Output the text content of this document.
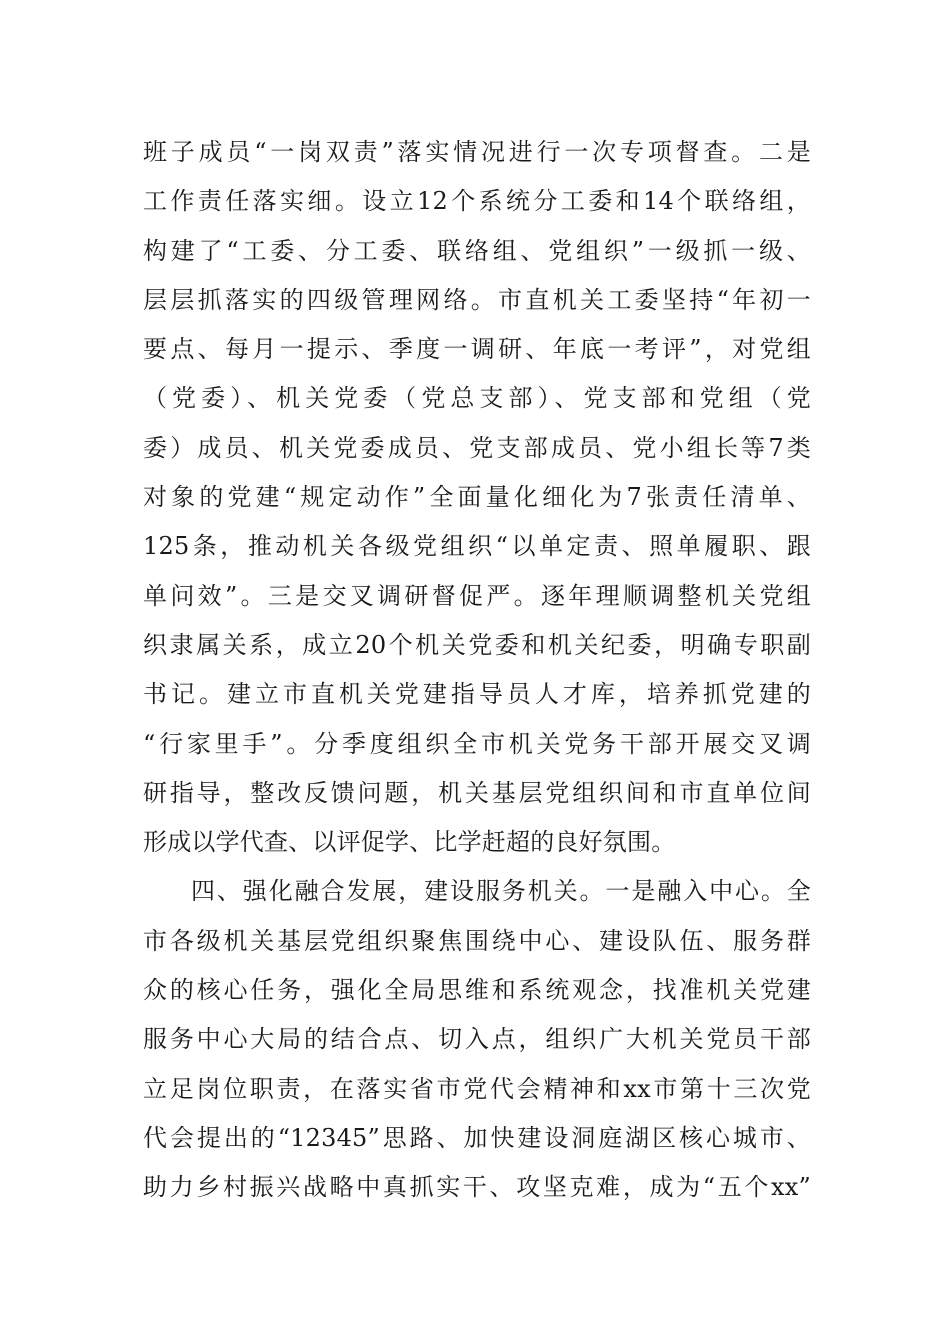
班子成员“一岗双责”落实情况进行一次专项督查。二是
工作责任落实细。设立12个系统分工委和14个联络组，
构建了“工委、分工委、联络组、党组织”一级抓一级、
层层抓落实的四级管理网络。市直机关工委坚持“年初一
要点、每月一提示、季度一调研、年底一考评”，对党组
（党委）、机关党委（党总支部）、党支部和党组（党
委）成员、机关党委成员、党支部成员、党小组长等7类
对象的党建“规定动作”全面量化细化为7张责任清单、
125条，推动机关各级党组织“以单定责、照单履职、跟
单问效”。三是交叉调研督促严。逐年理顺调整机关党组
织隶属关系，成立20个机关党委和机关纪委，明确专职副
书记。建立市直机关党建指导员人才库，培养抓党建的
“行家里手”。分季度组织全市机关党务干部开展交叉调
研指导，整改反馈问题，机关基层党组织间和市直单位间
形成以学代查、以评促学、比学赶超的良好氛围。
四、强化融合发展，建设服务机关。一是融入中心。全
市各级机关基层党组织聚焦围绕中心、建设队伍、服务群
众的核心任务，强化全局思维和系统观念，找准机关党建
服务中心大局的结合点、切入点，组织广大机关党员干部
立足岗位职责，在落实省市党代会精神和xx市第十三次党
代会提出的“12345”思路、加快建设洞庭湖区核心城市、
助力乡村振兴战略中真抓实干、攻坚克难，成为“五个xx”
